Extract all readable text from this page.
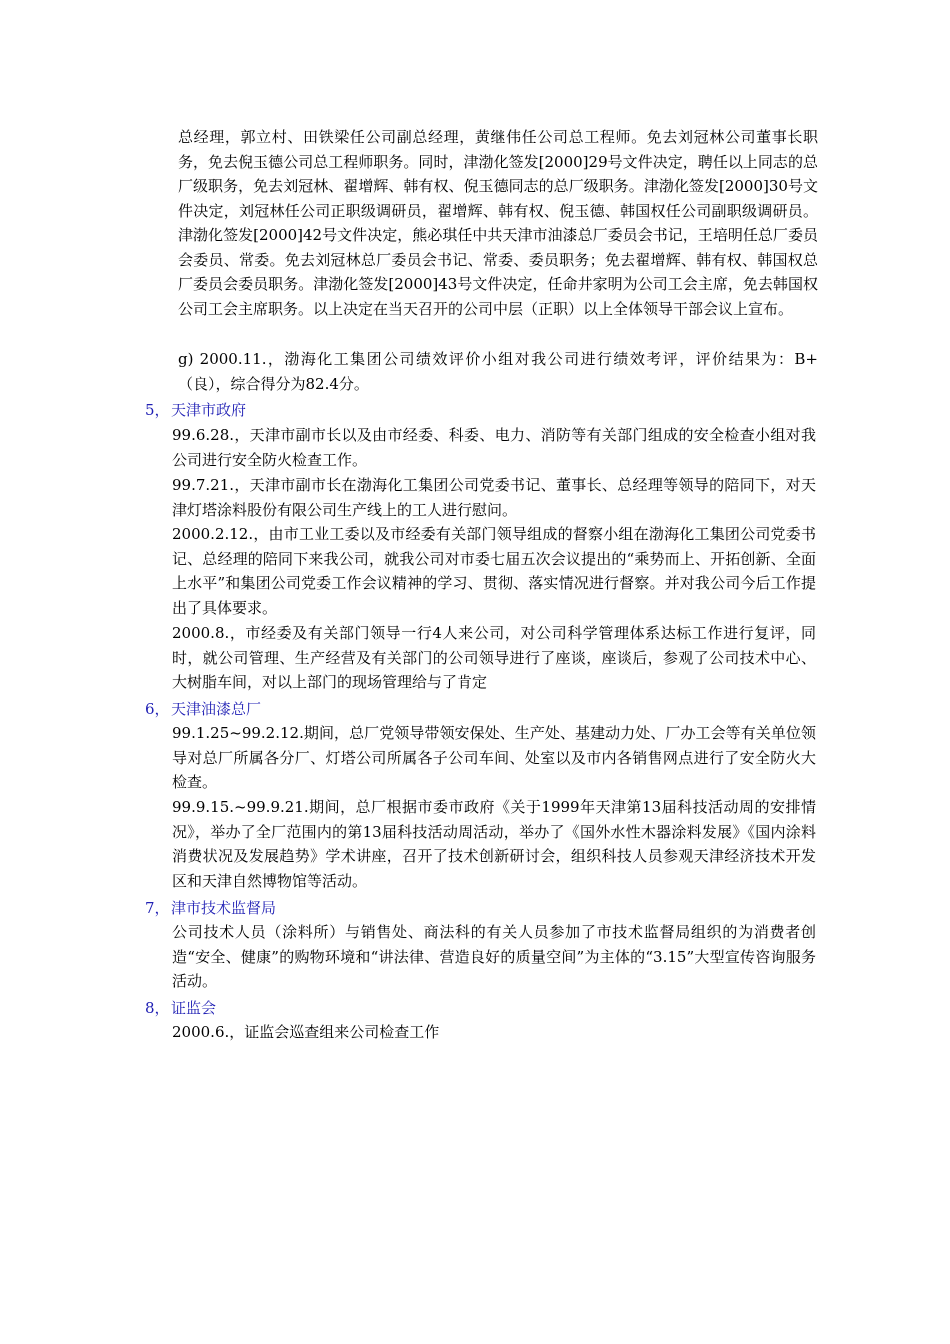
总经理，郭立村、田铁梁任公司副总经理，黄继伟任公司总工程师。免去刘冠林公司董事长职务，免去倪玉德公司总工程师职务。同时，津渤化签发[2000]29号文件决定，聘任以上同志的总厂级职务，免去刘冠林、翟增辉、韩有权、倪玉德同志的总厂级职务。津渤化签发[2000]30号文件决定，刘冠林任公司正职级调研员，翟增辉、韩有权、倪玉德、韩国权任公司副职级调研员。津渤化签发[2000]42号文件决定，熊必琪任中共天津市油漆总厂委员会书记，王培明任总厂委员会委员、常委。免去刘冠林总厂委员会书记、常委、委员职务；免去翟增辉、韩有权、韩国权总厂委员会委员职务。津渤化签发[2000]43号文件决定，任命井家明为公司工会主席，免去韩国权公司工会主席职务。以上决定在当天召开的公司中层（正职）以上全体领导干部会议上宣布。
g) 2000.11.，渤海化工集团公司绩效评价小组对我公司进行绩效考评，评价结果为：B+（良），综合得分为82.4分。
5，天津市政府
99.6.28.，天津市副市长以及由市经委、科委、电力、消防等有关部门组成的安全检查小组对我公司进行安全防火检查工作。
99.7.21.，天津市副市长在渤海化工集团公司党委书记、董事长、总经理等领导的陪同下，对天津灯塔涂料股份有限公司生产线上的工人进行慰问。
2000.2.12.，由市工业工委以及市经委有关部门领导组成的督察小组在渤海化工集团公司党委书记、总经理的陪同下来我公司，就我公司对市委七届五次会议提出的“乘势而上、开拓创新、全面上水平”和集团公司党委工作会议精神的学习、贯彻、落实情况进行督察。并对我公司今后工作提出了具体要求。
2000.8.，市经委及有关部门领导一行4人来公司，对公司科学管理体系达标工作进行复评，同时，就公司管理、生产经营及有关部门的公司领导进行了座谈，座谈后，参观了公司技术中心、大树脂车间，对以上部门的现场管理给与了肯定
6，天津油漆总厂
99.1.25~99.2.12.期间，总厂党领导带领安保处、生产处、基建动力处、厂办工会等有关单位领导对总厂所属各分厂、灯塔公司所属各子公司车间、处室以及市内各销售网点进行了安全防火大检查。
99.9.15.~99.9.21.期间，总厂根据市委市政府《关于1999年天津第13届科技活动周的安排情况》，举办了全厂范围内的第13届科技活动周活动，举办了《国外水性木器涂料发展》《国内涂料消费状况及发展趋势》学术讲座，召开了技术创新研讨会，组织科技人员参观天津经济技术开发区和天津自然博物馆等活动。
7，津市技术监督局
公司技术人员（涂料所）与销售处、商法科的有关人员参加了市技术监督局组织的为消费者创造“安全、健康”的购物环境和“讲法律、营造良好的质量空间”为主体的“3.15”大型宣传咨询服务活动。
8，证监会
2000.6.，证监会巡查组来公司检查工作
